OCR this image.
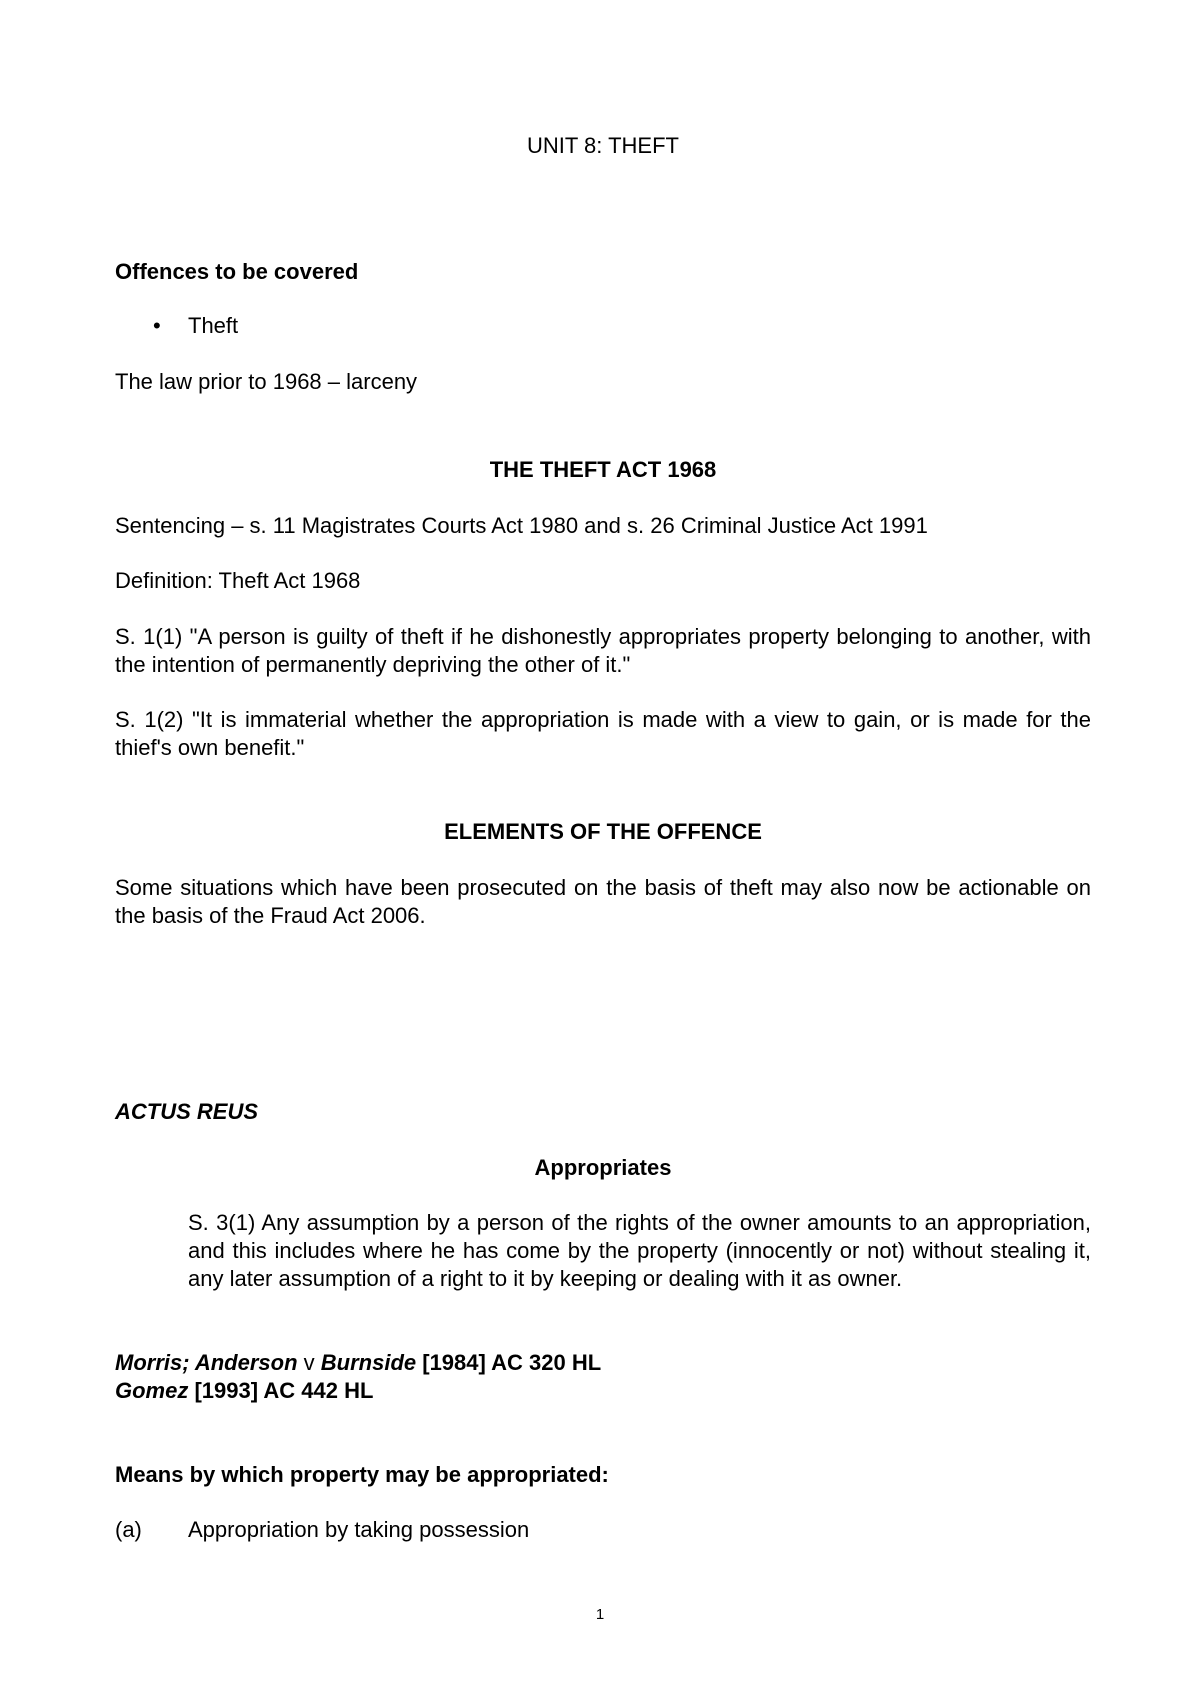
UNIT 8: THEFT
Offences to be covered
• Theft
The law prior to 1968 – larceny
THE THEFT ACT 1968
Sentencing – s. 11 Magistrates Courts Act 1980 and s. 26 Criminal Justice Act 1991
Definition: Theft Act 1968
S. 1(1) "A person is guilty of theft if he dishonestly appropriates property belonging to another, with the intention of permanently depriving the other of it."
S. 1(2) "It is immaterial whether the appropriation is made with a view to gain, or is made for the thief's own benefit."
ELEMENTS OF THE OFFENCE
Some situations which have been prosecuted on the basis of theft may also now be actionable on the basis of the Fraud Act 2006.
ACTUS REUS
Appropriates
S. 3(1) Any assumption by a person of the rights of the owner amounts to an appropriation, and this includes where he has come by the property (innocently or not) without stealing it, any later assumption of a right to it by keeping or dealing with it as owner.
Morris; Anderson v Burnside [1984] AC 320 HL
Gomez [1993] AC 442 HL
Means by which property may be appropriated:
(a) Appropriation by taking possession
1
